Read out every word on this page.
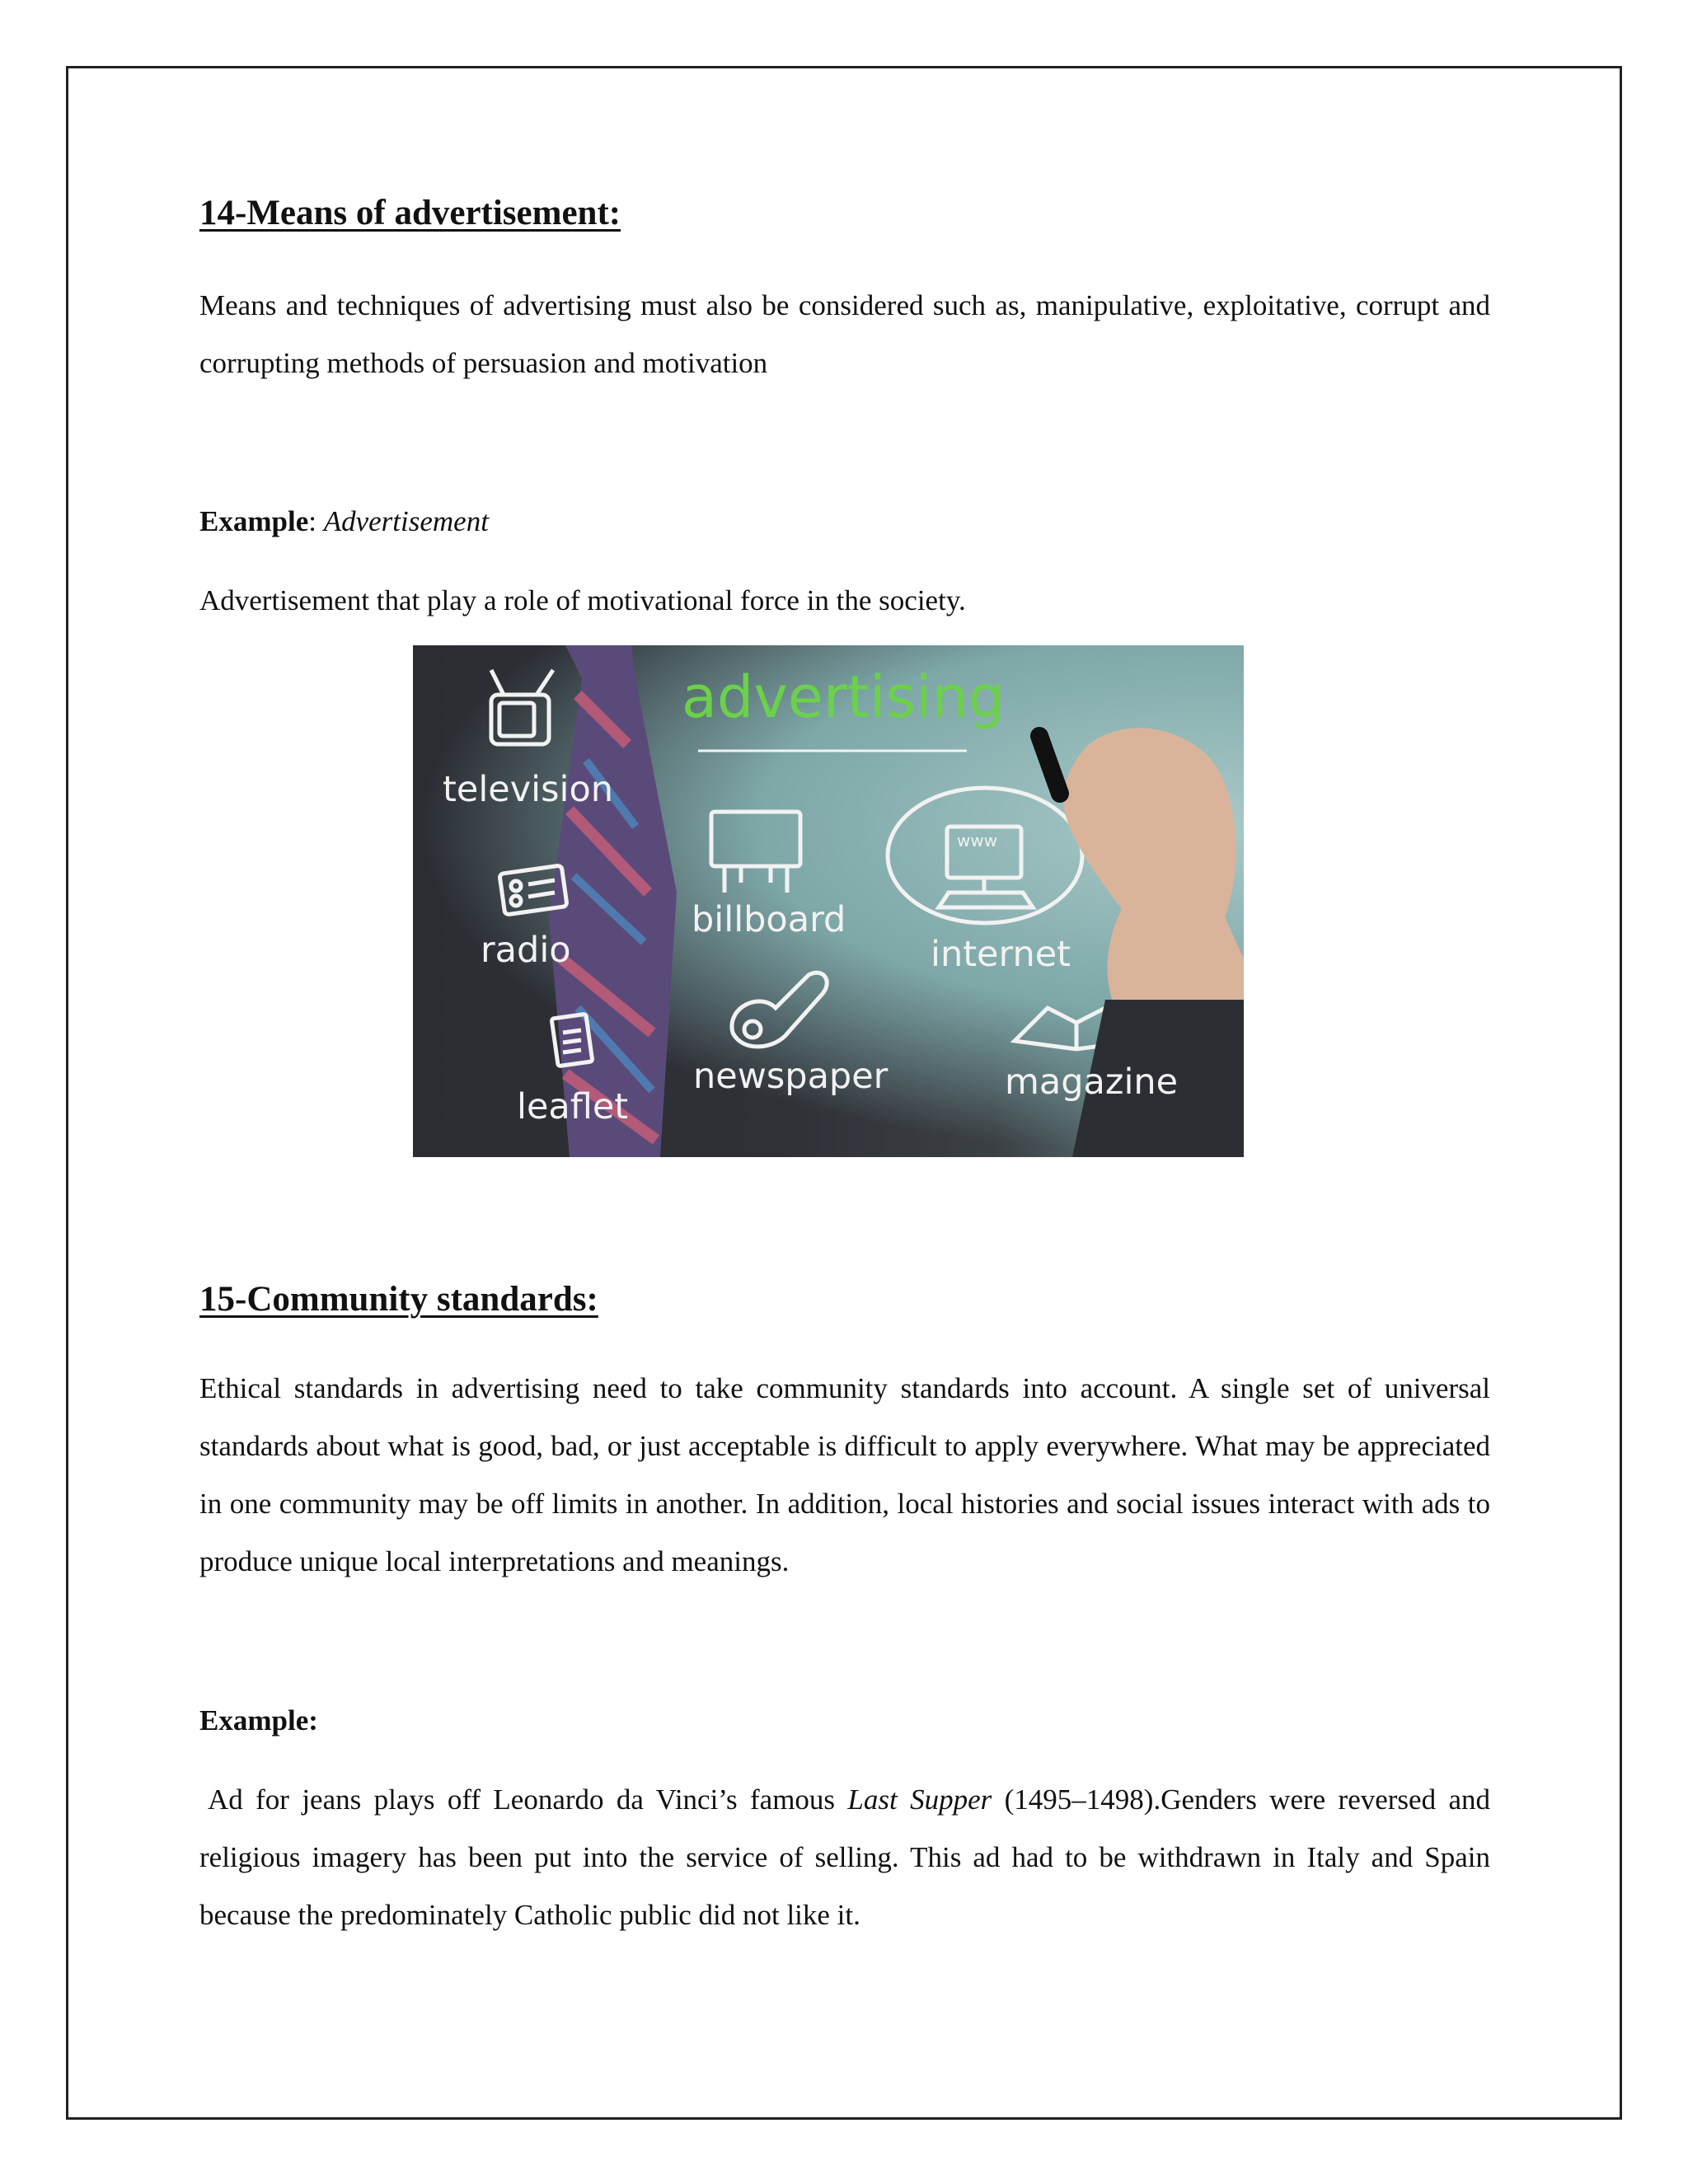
14-Means of advertisement:

Means and techniques of advertising must also be considered such as, manipulative, exploitative, corrupt and corrupting methods of persuasion and motivation

Example: Advertisement

Advertisement that play a role of motivational force in the society.

advertising
television
radio
leaflet
billboard
newspaper
internet
magazine
www
15-Community standards:

Ethical standards in advertising need to take community standards into account. A single set of universal standards about what is good, bad, or just acceptable is difficult to apply everywhere. What may be appreciated in one community may be off limits in another. In addition, local histories and social issues interact with ads to produce unique local interpretations and meanings.

Example:

Ad for jeans plays off Leonardo da Vinci’s famous Last Supper (1495–1498).Genders were reversed and religious imagery has been put into the service of selling. This ad had to be withdrawn in Italy and Spain because the predominately Catholic public did not like it.
